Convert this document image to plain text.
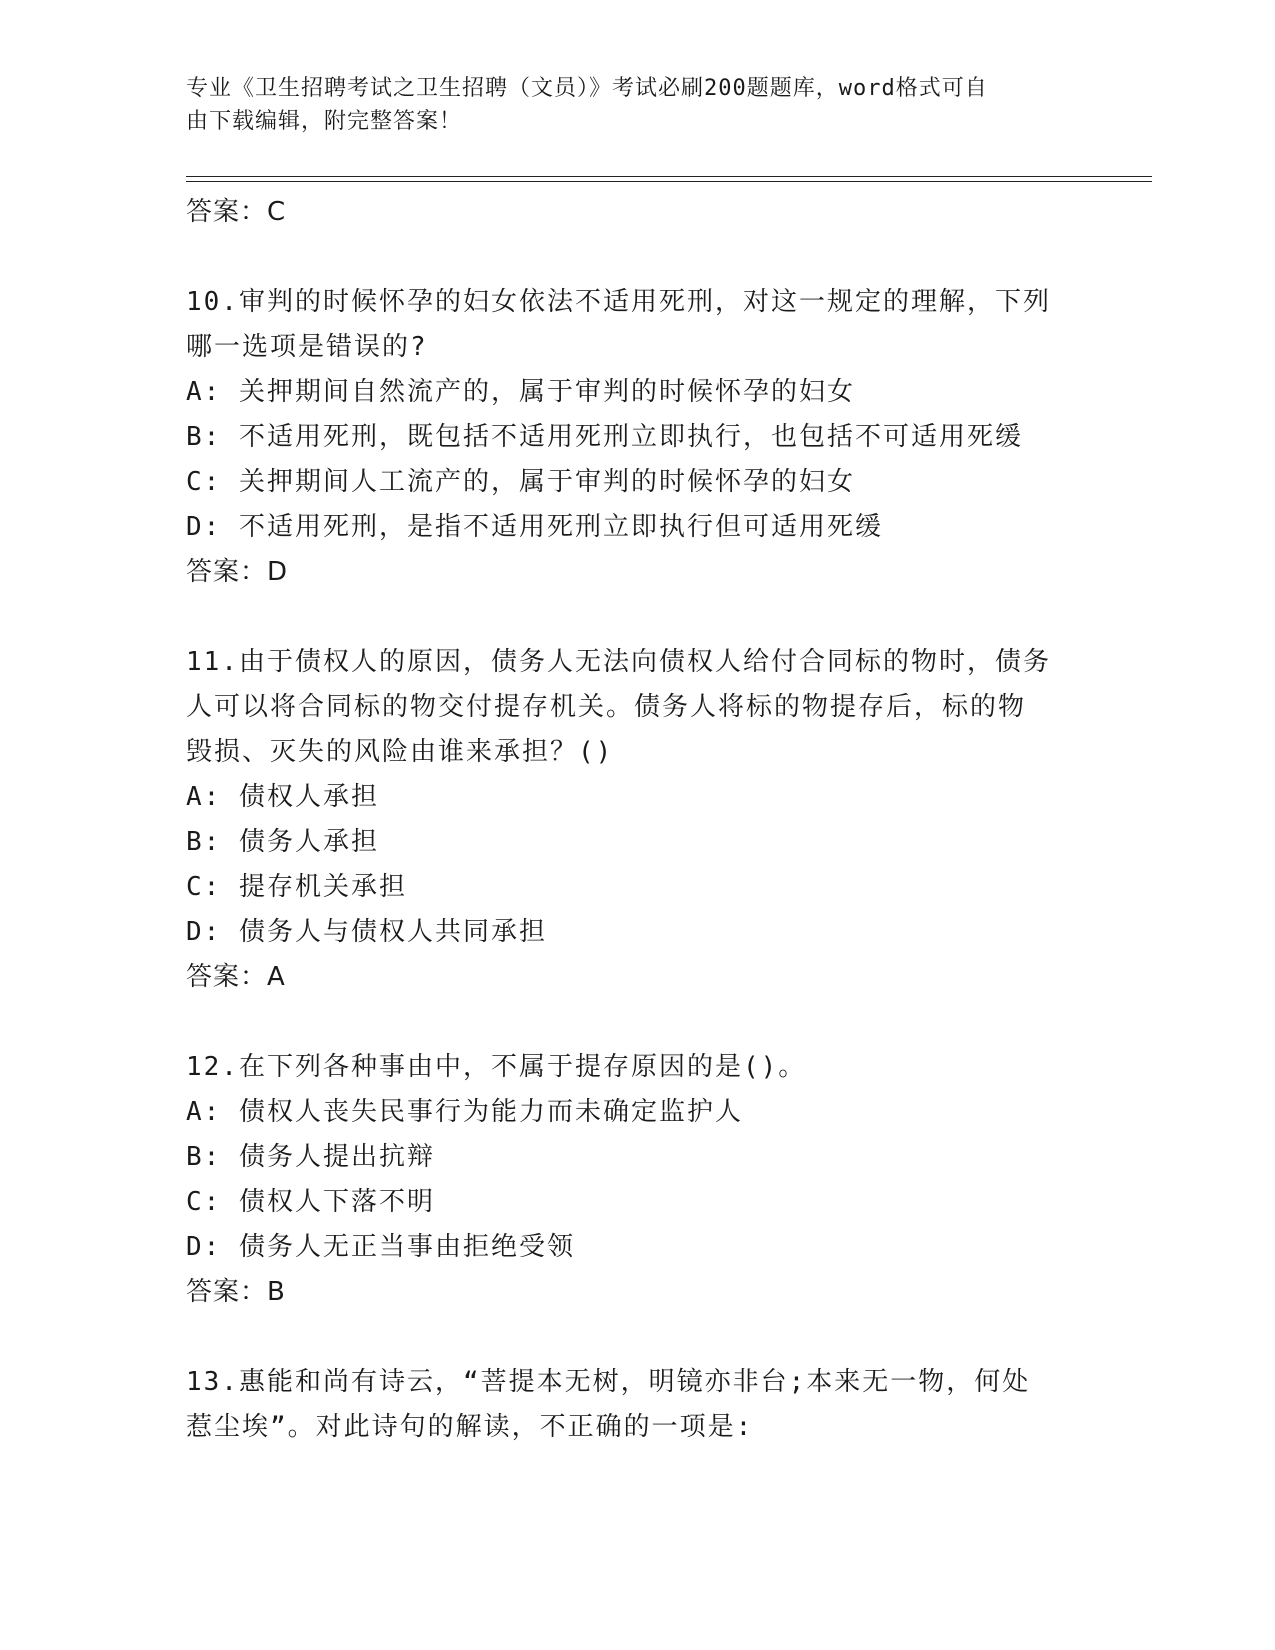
专业《卫生招聘考试之卫生招聘（文员）》考试必刷200题题库，word格式可自
由下载编辑，附完整答案！
答案：C
10.审判的时候怀孕的妇女依法不适用死刑，对这一规定的理解，下列
哪一选项是错误的?
A: 关押期间自然流产的，属于审判的时候怀孕的妇女
B: 不适用死刑，既包括不适用死刑立即执行，也包括不可适用死缓
C: 关押期间人工流产的，属于审判的时候怀孕的妇女
D: 不适用死刑，是指不适用死刑立即执行但可适用死缓
答案：D
11.由于债权人的原因，债务人无法向债权人给付合同标的物时，债务
人可以将合同标的物交付提存机关。债务人将标的物提存后，标的物
毁损、灭失的风险由谁来承担？()
A: 债权人承担
B: 债务人承担
C: 提存机关承担
D: 债务人与债权人共同承担
答案：A
12.在下列各种事由中，不属于提存原因的是()。
A: 债权人丧失民事行为能力而未确定监护人
B: 债务人提出抗辩
C: 债权人下落不明
D: 债务人无正当事由拒绝受领
答案：B
13.惠能和尚有诗云，“菩提本无树，明镜亦非台;本来无一物，何处
惹尘埃”。对此诗句的解读，不正确的一项是:
